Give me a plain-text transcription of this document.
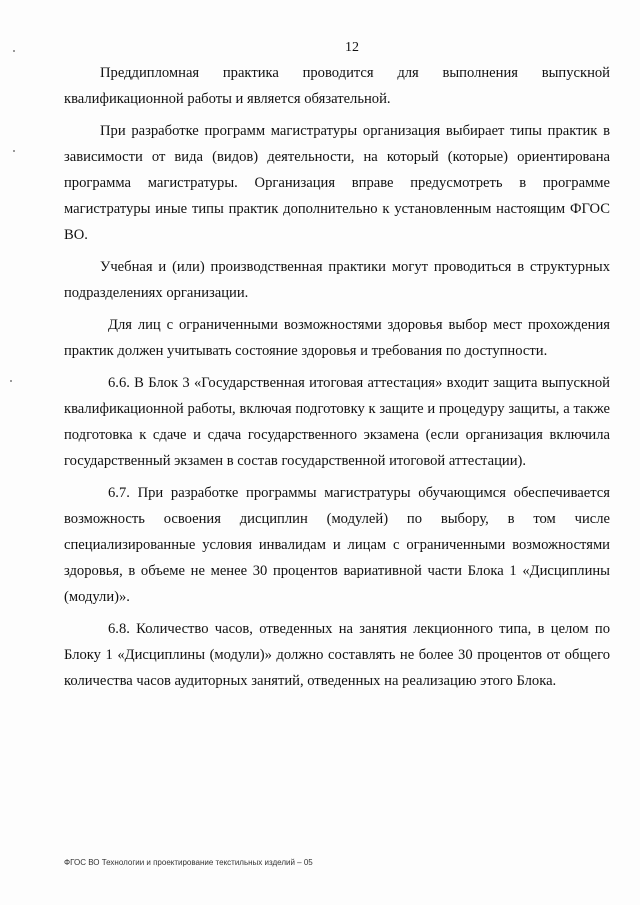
12

Преддипломная практика проводится для выполнения выпускной квалификационной работы и является обязательной.

При разработке программ магистратуры организация выбирает типы практик в зависимости от вида (видов) деятельности, на который (которые) ориентирована программа магистратуры. Организация вправе предусмотреть в программе магистратуры иные типы практик дополнительно к установленным настоящим ФГОС ВО.

Учебная и (или) производственная практики могут проводиться в структурных подразделениях организации.

Для лиц с ограниченными возможностями здоровья выбор мест прохождения практик должен учитывать состояние здоровья и требования по доступности.

6.6. В Блок 3 «Государственная итоговая аттестация» входит защита выпускной квалификационной работы, включая подготовку к защите и процедуру защиты, а также подготовка к сдаче и сдача государственного экзамена (если организация включила государственный экзамен в состав государственной итоговой аттестации).

6.7. При разработке программы магистратуры обучающимся обеспечивается возможность освоения дисциплин (модулей) по выбору, в том числе специализированные условия инвалидам и лицам с ограниченными возможностями здоровья, в объеме не менее 30 процентов вариативной части Блока 1 «Дисциплины (модули)».

6.8. Количество часов, отведенных на занятия лекционного типа, в целом по Блоку 1 «Дисциплины (модули)» должно составлять не более 30 процентов от общего количества часов аудиторных занятий, отведенных на реализацию этого Блока.

ФГОС ВО Технологии и проектирование текстильных изделий – 05
